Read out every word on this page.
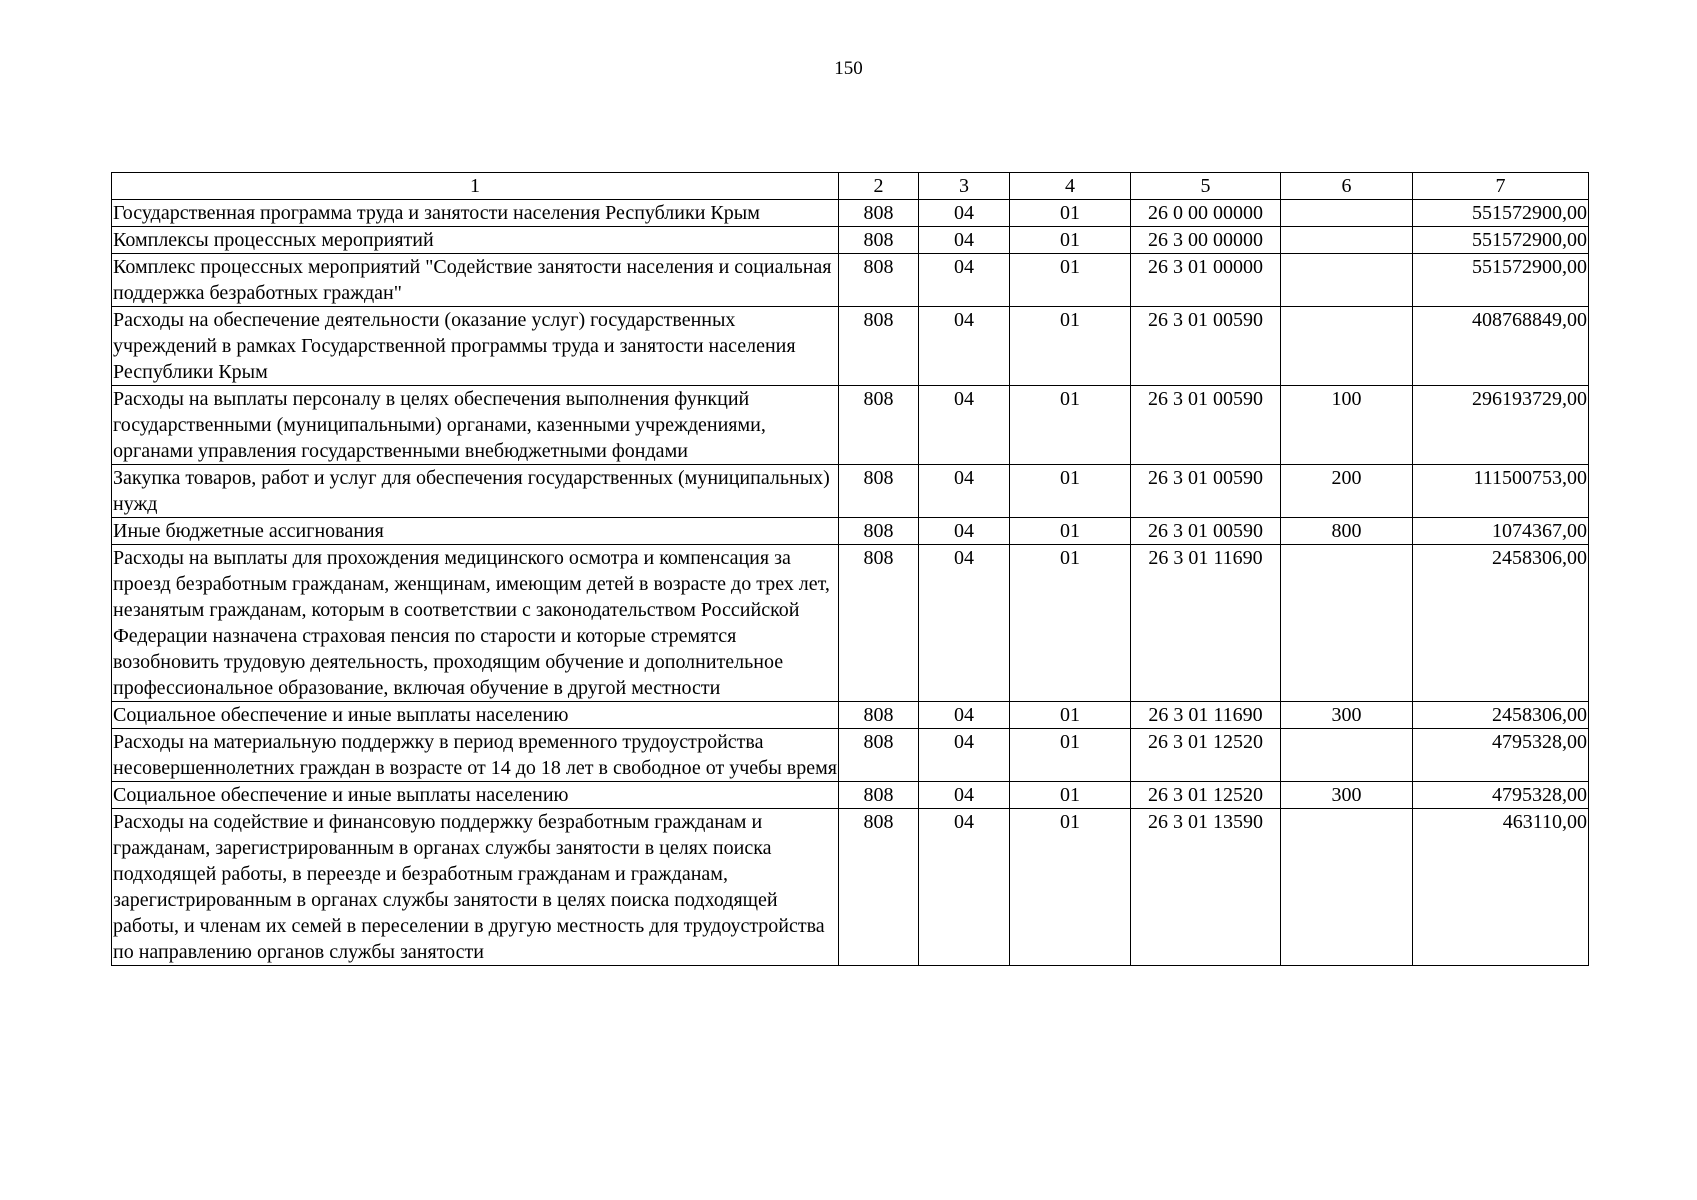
150
1	2	3	4	5	6	7
Государственная программа труда и занятости населения Республики Крым	808	04	01	26 0 00 00000		551572900,00
Комплексы процессных мероприятий	808	04	01	26 3 00 00000		551572900,00
Комплекс процессных мероприятий "Содействие занятости населения и социальная поддержка безработных граждан"	808	04	01	26 3 01 00000		551572900,00
Расходы на обеспечение деятельности (оказание услуг) государственных учреждений в рамках Государственной программы труда и занятости населения Республики Крым	808	04	01	26 3 01 00590		408768849,00
Расходы на выплаты персоналу в целях обеспечения выполнения функций государственными (муниципальными) органами, казенными учреждениями, органами управления государственными внебюджетными фондами	808	04	01	26 3 01 00590	100	296193729,00
Закупка товаров, работ и услуг для обеспечения государственных (муниципальных) нужд	808	04	01	26 3 01 00590	200	111500753,00
Иные бюджетные ассигнования	808	04	01	26 3 01 00590	800	1074367,00
Расходы на выплаты для прохождения медицинского осмотра и компенсация за проезд безработным гражданам, женщинам, имеющим детей в возрасте до трех лет, незанятым гражданам, которым в соответствии с законодательством Российской Федерации назначена страховая пенсия по старости и которые стремятся возобновить трудовую деятельность, проходящим обучение и дополнительное профессиональное образование, включая обучение в другой местности	808	04	01	26 3 01 11690		2458306,00
Социальное обеспечение и иные выплаты населению	808	04	01	26 3 01 11690	300	2458306,00
Расходы на материальную поддержку в период временного трудоустройства несовершеннолетних граждан в возрасте от 14 до 18 лет в свободное от учебы время	808	04	01	26 3 01 12520		4795328,00
Социальное обеспечение и иные выплаты населению	808	04	01	26 3 01 12520	300	4795328,00
Расходы на содействие и финансовую поддержку безработным гражданам и гражданам, зарегистрированным в органах службы занятости в целях поиска подходящей работы, в переезде и безработным гражданам и гражданам, зарегистрированным в органах службы занятости в целях поиска подходящей работы, и членам их семей в переселении в другую местность для трудоустройства по направлению органов службы занятости	808	04	01	26 3 01 13590		463110,00
